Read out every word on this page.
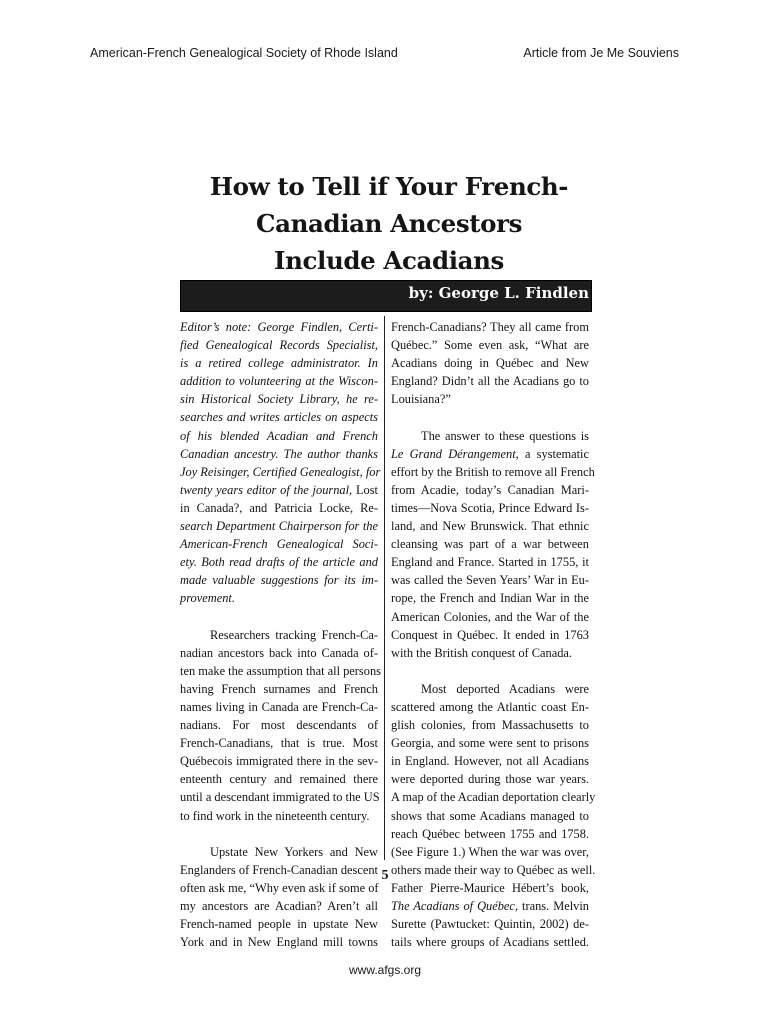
American-French Genealogical Society of Rhode Island	Article from Je Me Souviens
How to Tell if Your French-
Canadian Ancestors
Include Acadians
by: George L. Findlen
Editor’s note: George Findlen, Certi-
fied Genealogical Records Specialist,
is a retired college administrator. In
addition to volunteering at the Wiscon-
sin Historical Society Library, he re-
searches and writes articles on aspects
of his blended Acadian and French
Canadian ancestry. The author thanks
Joy Reisinger, Certified Genealogist, for
twenty years editor of the journal, Lost
in Canada?, and Patricia Locke, Re-
search Department Chairperson for the
American-French Genealogical Soci-
ety. Both read drafts of the article and
made valuable suggestions for its im-
provement.
Researchers tracking French-Ca-
nadian ancestors back into Canada of-
ten make the assumption that all persons
having French surnames and French
names living in Canada are French-Ca-
nadians. For most descendants of
French-Canadians, that is true. Most
Québecois immigrated there in the sev-
enteenth century and remained there
until a descendant immigrated to the US
to find work in the nineteenth century.
Upstate New Yorkers and New
Englanders of French-Canadian descent
often ask me, “Why even ask if some of
my ancestors are Acadian? Aren’t all
French-named people in upstate New
York and in New England mill towns
French-Canadians? They all came from
Québec.” Some even ask, “What are
Acadians doing in Québec and New
England? Didn’t all the Acadians go to
Louisiana?”
The answer to these questions is
Le Grand Dérangement, a systematic
effort by the British to remove all French
from Acadie, today’s Canadian Mari-
times—Nova Scotia, Prince Edward Is-
land, and New Brunswick. That ethnic
cleansing was part of a war between
England and France. Started in 1755, it
was called the Seven Years’ War in Eu-
rope, the French and Indian War in the
American Colonies, and the War of the
Conquest in Québec. It ended in 1763
with the British conquest of Canada.
Most deported Acadians were
scattered among the Atlantic coast En-
glish colonies, from Massachusetts to
Georgia, and some were sent to prisons
in England. However, not all Acadians
were deported during those war years.
A map of the Acadian deportation clearly
shows that some Acadians managed to
reach Québec between 1755 and 1758.
(See Figure 1.) When the war was over,
others made their way to Québec as well.
Father Pierre-Maurice Hébert’s book,
The Acadians of Québec, trans. Melvin
Surette (Pawtucket: Quintin, 2002) de-
tails where groups of Acadians settled.
5
www.afgs.org
